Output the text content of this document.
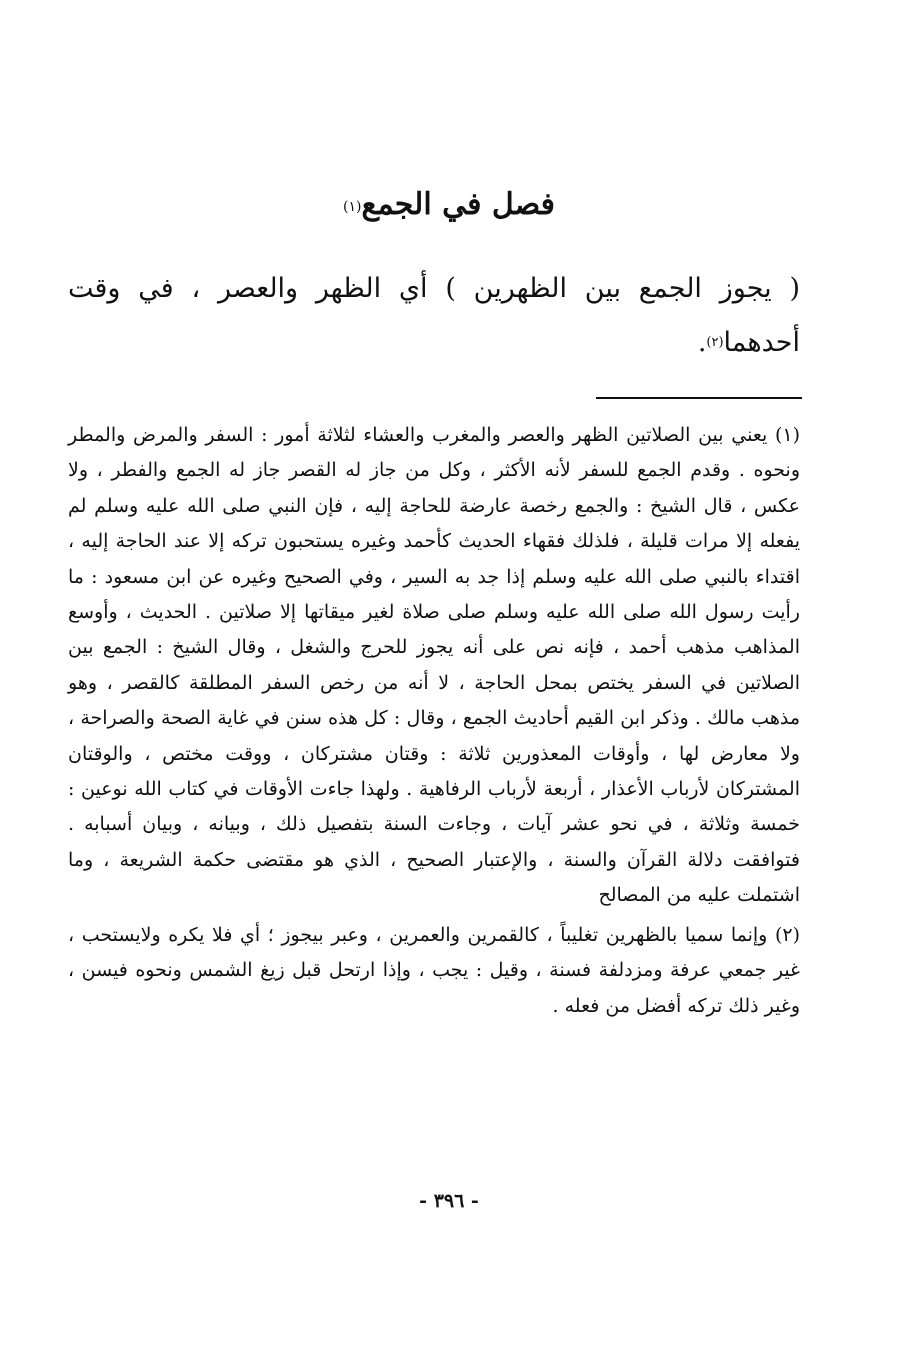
فصل في الجمع$^{(١)}$

( يجوز الجمع بين الظهرين ) أي الظهر والعصر ، في وقت أحدهما$^{(٢)}$.

(١) يعني بين الصلاتين الظهر والعصر والمغرب والعشاء لثلاثة أمور : السفر والمرض والمطر ونحوه . وقدم الجمع للسفر لأنه الأكثر ، وكل من جاز له القصر جاز له الجمع والفطر ، ولا عكس ، قال الشيخ : والجمع رخصة عارضة للحاجة إليه ، فإن النبي صلى الله عليه وسلم لم يفعله إلا مرات قليلة ، فلذلك فقهاء الحديث كأحمد وغيره يستحبون تركه إلا عند الحاجة إليه ، اقتداء بالنبي صلى الله عليه وسلم إذا جد به السير ، وفي الصحيح وغيره عن ابن مسعود : ما رأيت رسول الله صلى الله عليه وسلم صلى صلاة لغير ميقاتها إلا صلاتين . الحديث ، وأوسع المذاهب مذهب أحمد ، فإنه نص على أنه يجوز للحرج والشغل ، وقال الشيخ : الجمع بين الصلاتين في السفر يختص بمحل الحاجة ، لا أنه من رخص السفر المطلقة كالقصر ، وهو مذهب مالك . وذكر ابن القيم أحاديث الجمع ، وقال : كل هذه سنن في غاية الصحة والصراحة ، ولا معارض لها ، وأوقات المعذورين ثلاثة : وقتان مشتركان ، ووقت مختص ، والوقتان المشتركان لأرباب الأعذار ، أربعة لأرباب الرفاهية . ولهذا جاءت الأوقات في كتاب الله نوعين : خمسة وثلاثة ، في نحو عشر آيات ، وجاءت السنة بتفصيل ذلك ، وبيانه ، وبيان أسبابه . فتوافقت دلالة القرآن والسنة ، والإعتبار الصحيح ، الذي هو مقتضى حكمة الشريعة ، وما اشتملت عليه من المصالح

(٢) وإنما سميا بالظهرين تغليباً ، كالقمرين والعمرين ، وعبر بيجوز ؛ أي فلا يكره ولايستحب ، غير جمعي عرفة ومزدلفة فسنة ، وقيل : يجب ، وإذا ارتحل قبل زيغ الشمس ونحوه فيسن ، وغير ذلك تركه أفضل من فعله .

- ٣٩٦ -
